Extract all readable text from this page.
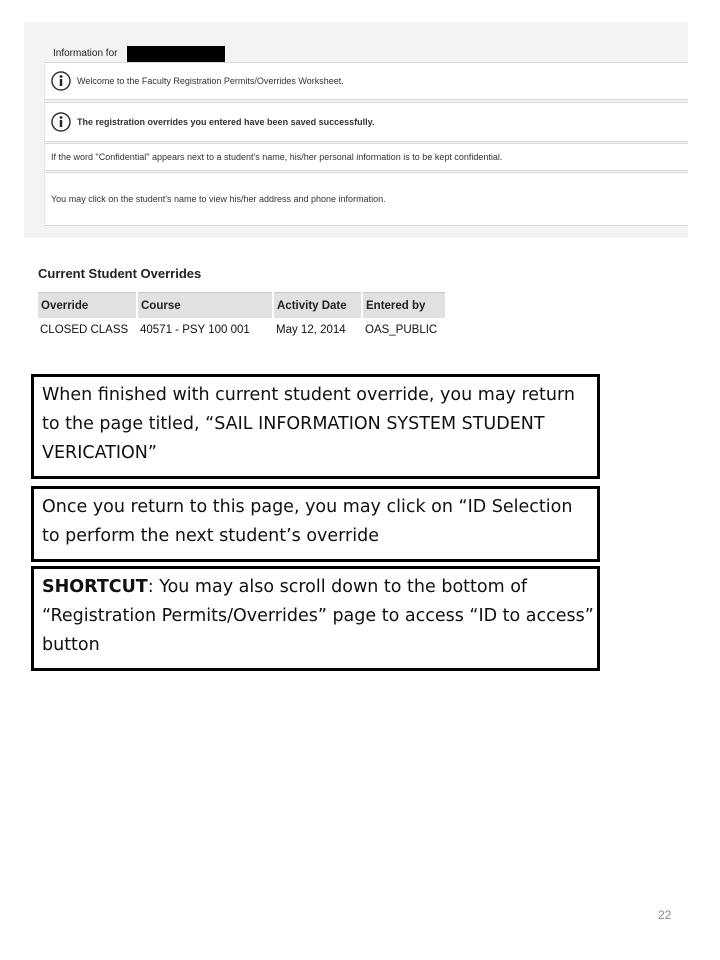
Information for
Welcome to the Faculty Registration Permits/Overrides Worksheet.
The registration overrides you entered have been saved successfully.
If the word "Confidential" appears next to a student's name, his/her personal information is to be kept confidential.
You may click on the student's name to view his/her address and phone information.
Current Student Overrides
Override	Course	Activity Date	Entered by
CLOSED CLASS	40571 - PSY 100 001	May 12, 2014	OAS_PUBLIC
When finished with current student override, you may return to the page titled, “SAIL INFORMATION SYSTEM STUDENT VERICATION”
Once you return to this page, you may click on “ID Selection to perform the next student’s override
SHORTCUT: You may also scroll down to the bottom of “Registration Permits/Overrides” page to access “ID to access” button
22
